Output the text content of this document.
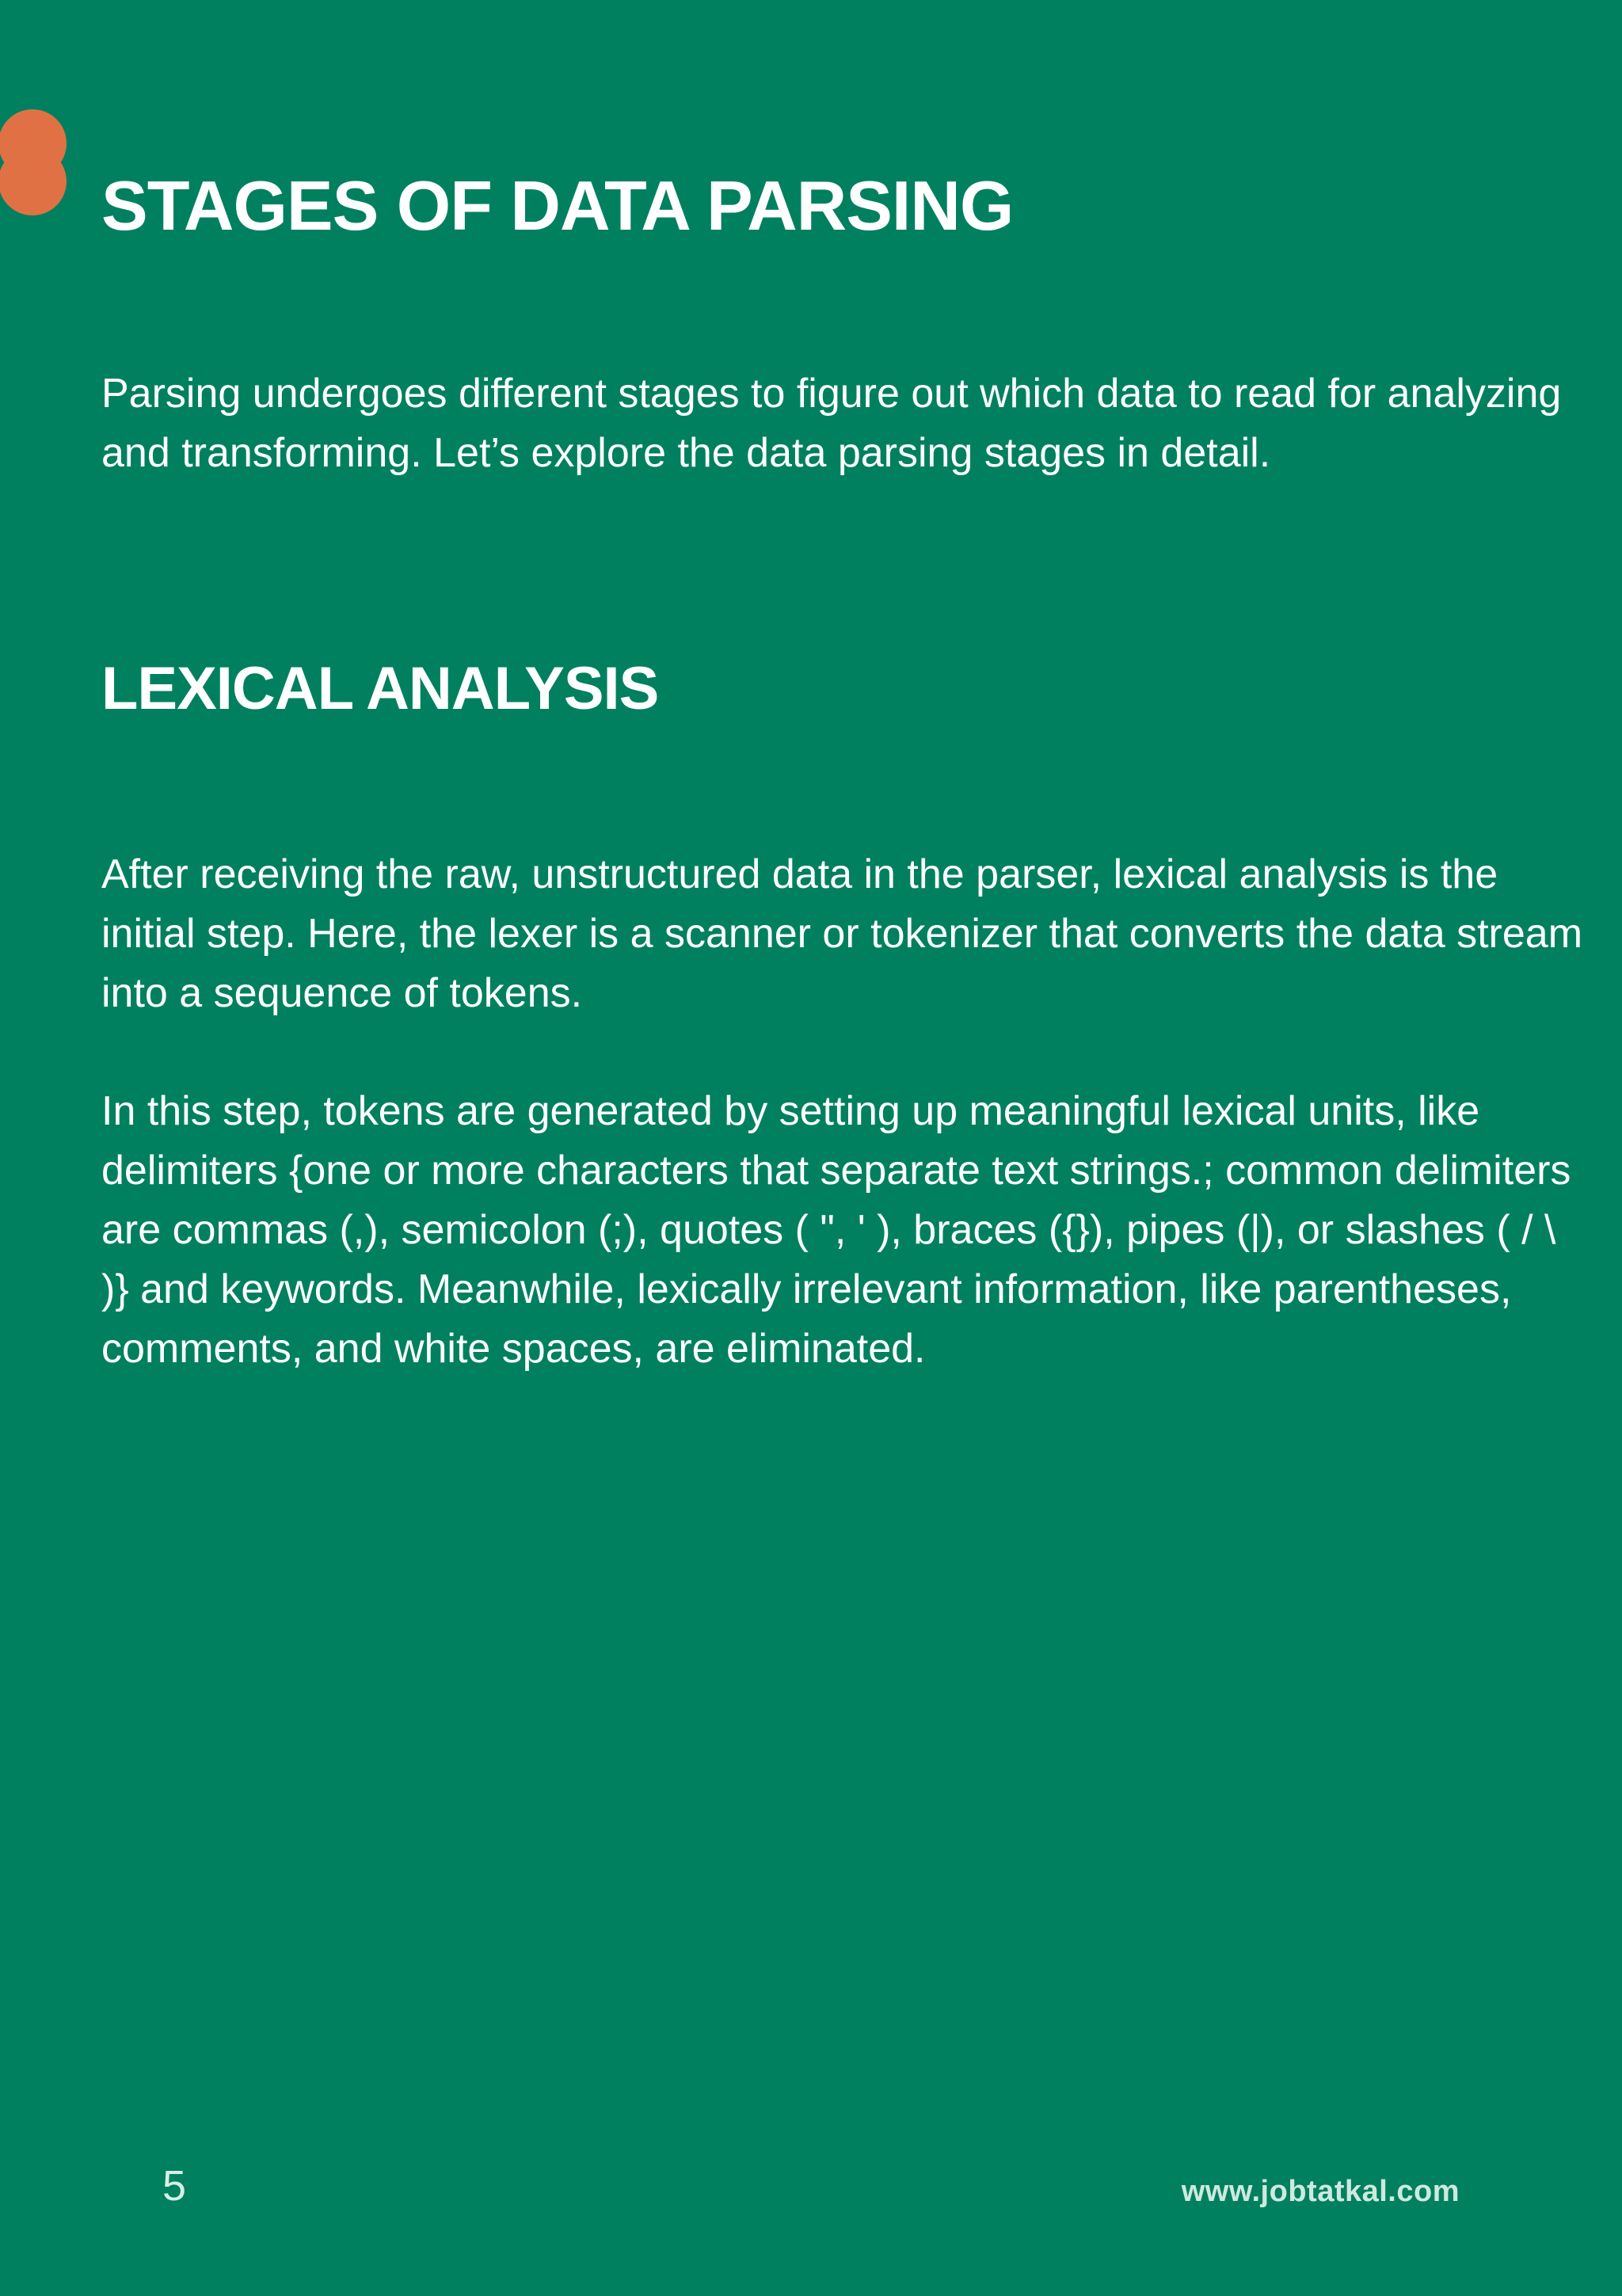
STAGES OF DATA PARSING

Parsing undergoes different stages to figure out which data to read for analyzing and transforming. Let’s explore the data parsing stages in detail.

LEXICAL ANALYSIS

After receiving the raw, unstructured data in the parser, lexical analysis is the initial step. Here, the lexer is a scanner or tokenizer that converts the data stream into a sequence of tokens.

In this step, tokens are generated by setting up meaningful lexical units, like delimiters {one or more characters that separate text strings.; common delimiters are commas (,), semicolon (;), quotes ( ", ' ), braces ({}), pipes (|), or slashes ( / \ )} and keywords. Meanwhile, lexically irrelevant information, like parentheses, comments, and white spaces, are eliminated.

5	www.jobtatkal.com
